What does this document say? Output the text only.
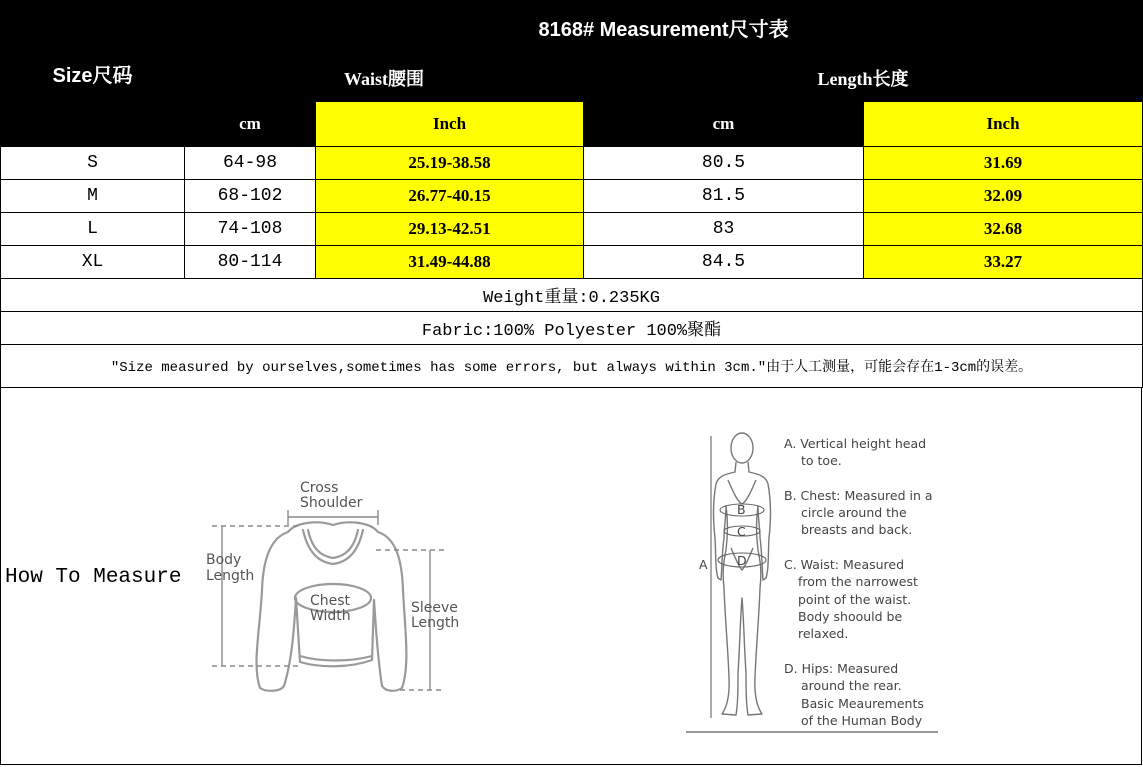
Size尺码	8168# Measurement尺寸表			
	Waist腰围		Length长度	
	cm	Inch	cm	Inch
S	64-98	25.19-38.58	80.5	31.69
M	68-102	26.77-40.15	81.5	32.09
L	74-108	29.13-42.51	83	32.68
XL	80-114	31.49-44.88	84.5	33.27
Weight重量:0.235KG				
Fabric:100% Polyester 100%聚酯				
"Size measured by ourselves,sometimes has some errors, but always within 3cm."由于人工测量，可能会存在1-3cm的误差。				
How To Measure
Cross
Shoulder
Body
Length
Chest
Width	Sleeve
Length
B
C
D
A
A. Vertical height head
to toe.
B. Chest: Measured in a
circle around the
breasts and back.
C. Waist: Measured
from the narrowest
point of the waist.
Body shoould be
relaxed.
D. Hips: Measured
around the rear.
Basic Meaurements
of the Human Body
